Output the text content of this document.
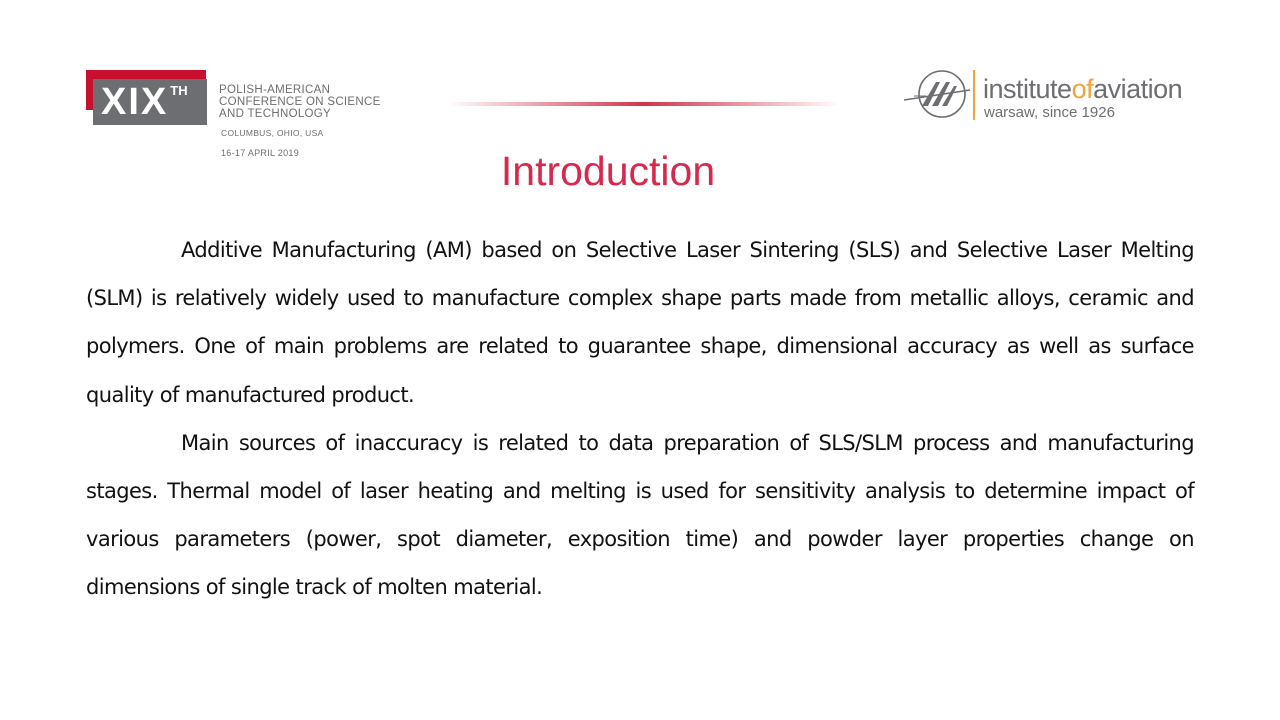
XIX $^{TH}$	POLISH-AMERICAN
CONFERENCE ON SCIENCE
AND TECHNOLOGY
COLUMBUS, OHIO, USA
16-17 APRIL 2019
instituteofaviation
warsaw, since 1926
Introduction

Additive Manufacturing (AM) based on Selective Laser Sintering (SLS) and Selective Laser Melting (SLM) is relatively widely used to manufacture complex shape parts made from metallic alloys, ceramic and polymers. One of main problems are related to guarantee shape, dimensional accuracy as well as surface quality of manufactured product.

Main sources of inaccuracy is related to data preparation of SLS/SLM process and manufacturing stages. Thermal model of laser heating and melting is used for sensitivity analysis to determine impact of various parameters (power, spot diameter, exposition time) and powder layer properties change on dimensions of single track of molten material.
